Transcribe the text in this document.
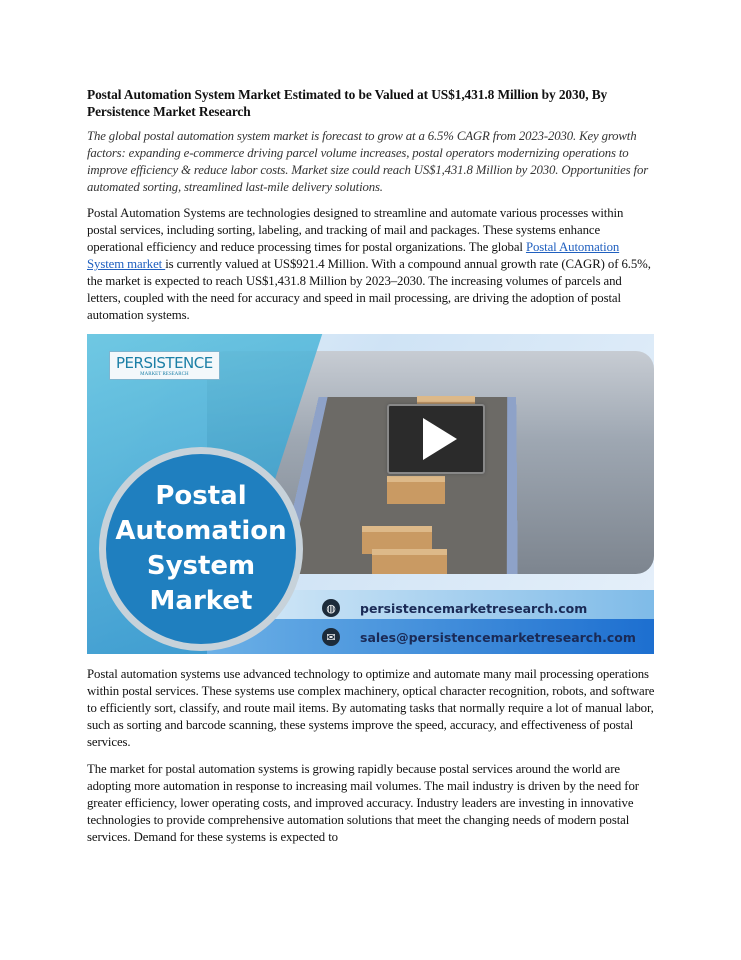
Postal Automation System Market Estimated to be Valued at US$1,431.8 Million by 2030, By Persistence Market Research
The global postal automation system market is forecast to grow at a 6.5% CAGR from 2023-2030. Key growth factors: expanding e-commerce driving parcel volume increases, postal operators modernizing operations to improve efficiency & reduce labor costs. Market size could reach US$1,431.8 Million by 2030. Opportunities for automated sorting, streamlined last-mile delivery solutions.

Postal Automation Systems are technologies designed to streamline and automate various processes within postal services, including sorting, labeling, and tracking of mail and packages. These systems enhance operational efficiency and reduce processing times for postal organizations. The global Postal Automation System market is currently valued at US$921.4 Million. With a compound annual growth rate (CAGR) of 6.5%, the market is expected to reach US$1,431.8 Million by 2023–2030. The increasing volumes of parcels and letters, coupled with the need for accuracy and speed in mail processing, are driving the adoption of postal automation systems.

PERSISTENCE
MARKET RESEARCH
Postal
Automation
System
Market	◍	persistencemarketresearch.com
✉	sales@persistencemarketresearch.com

Postal automation systems use advanced technology to optimize and automate many mail processing operations within postal services. These systems use complex machinery, optical character recognition, robots, and software to efficiently sort, classify, and route mail items. By automating tasks that normally require a lot of manual labor, such as sorting and barcode scanning, these systems improve the speed, accuracy, and effectiveness of postal services.

The market for postal automation systems is growing rapidly because postal services around the world are adopting more automation in response to increasing mail volumes. The mail industry is driven by the need for greater efficiency, lower operating costs, and improved accuracy. Industry leaders are investing in innovative technologies to provide comprehensive automation solutions that meet the changing needs of modern postal services. Demand for these systems is expected to
